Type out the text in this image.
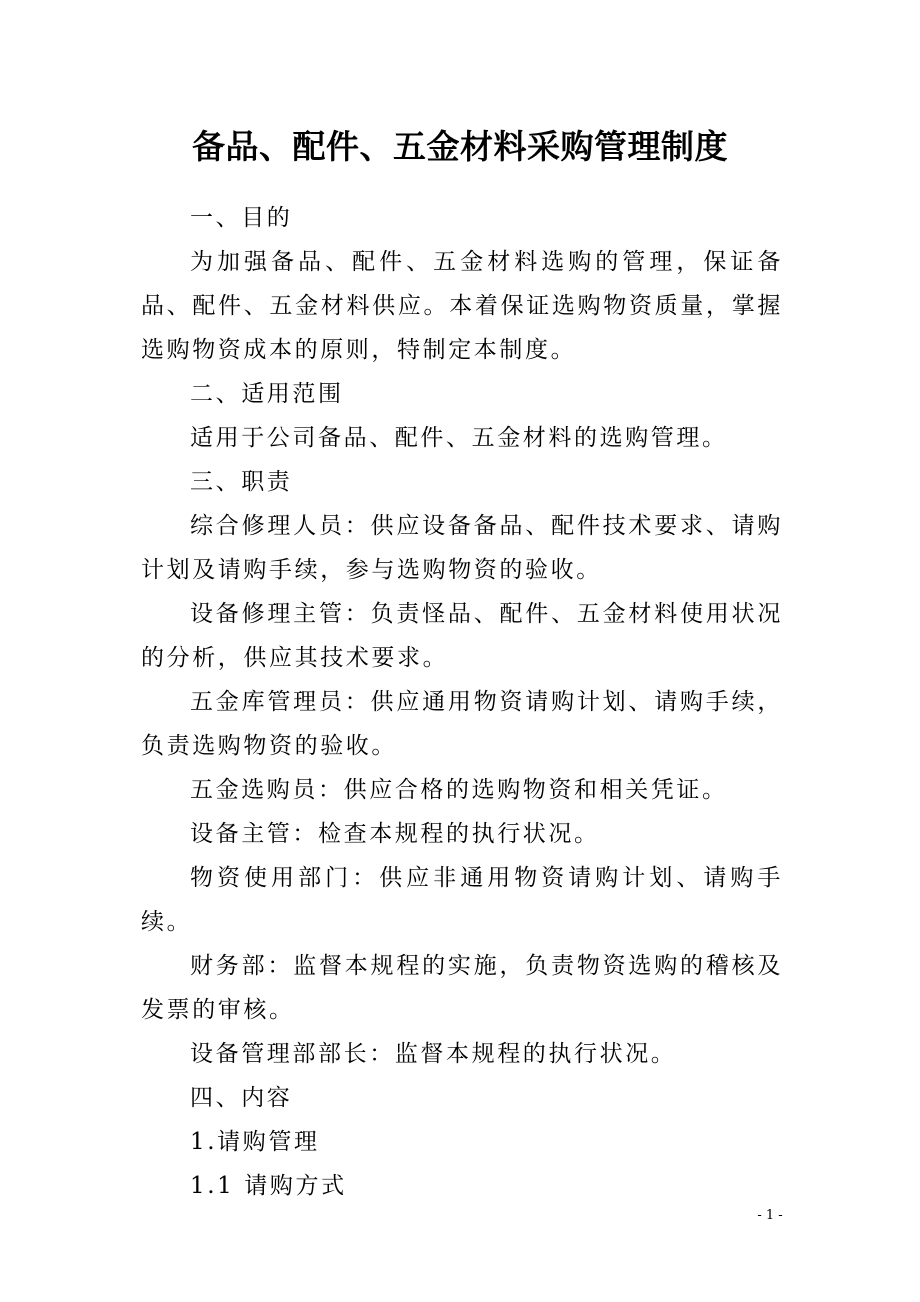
备品、配件、五金材料采购管理制度

一、目的

为加强备品、配件、五金材料选购的管理，保证备品、配件、五金材料供应。本着保证选购物资质量，掌握选购物资成本的原则，特制定本制度。

二、适用范围

适用于公司备品、配件、五金材料的选购管理。

三、职责

综合修理人员：供应设备备品、配件技术要求、请购计划及请购手续，参与选购物资的验收。

设备修理主管：负责怪品、配件、五金材料使用状况的分析，供应其技术要求。

五金库管理员：供应通用物资请购计划、请购手续，负责选购物资的验收。

五金选购员：供应合格的选购物资和相关凭证。

设备主管：检查本规程的执行状况。

物资使用部门：供应非通用物资请购计划、请购手续。

财务部：监督本规程的实施，负责物资选购的稽核及发票的审核。

设备管理部部长：监督本规程的执行状况。

四、内容

1.请购管理

1.1 请购方式

- 1 -
